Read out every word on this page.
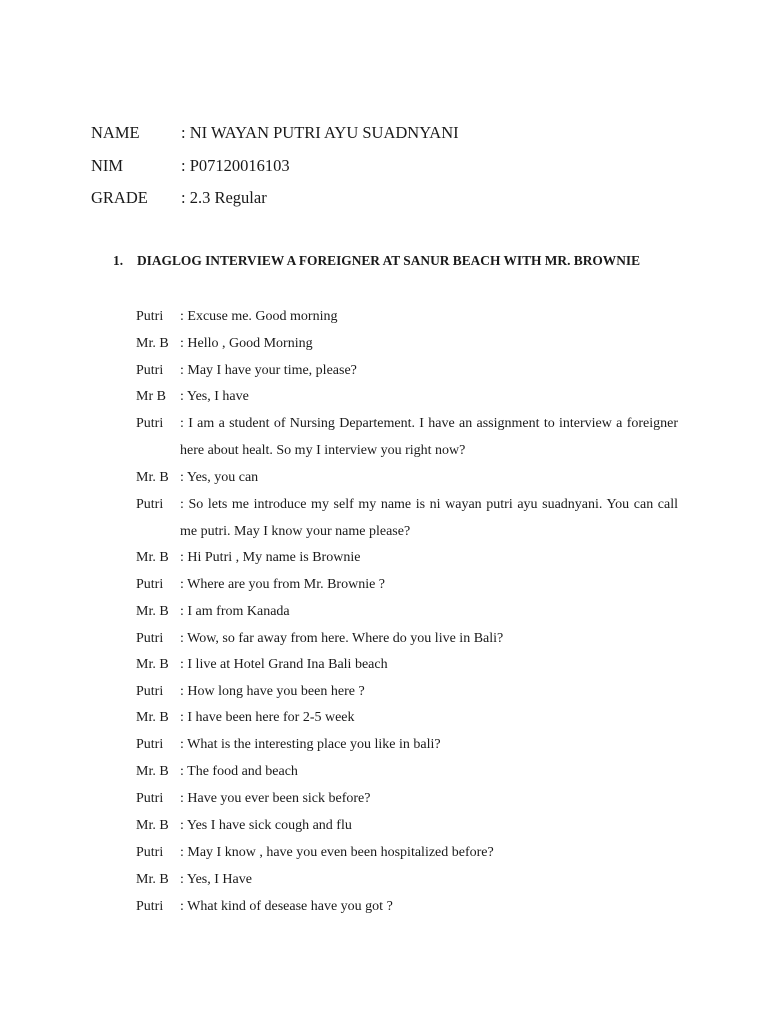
NAME	: NI WAYAN PUTRI AYU SUADNYANI
NIM	: P07120016103
GRADE : 2.3 Regular
1. DIAGLOG INTERVIEW A FOREIGNER AT SANUR BEACH WITH MR. BROWNIE
Putri : Excuse me. Good morning
Mr. B : Hello , Good Morning
Putri : May I have your time, please?
Mr B : Yes, I have
Putri : I am a student of Nursing Departement. I have an assignment to interview a foreigner here about healt. So my I interview you right now?
Mr. B : Yes, you can
Putri : So lets me introduce my self my name is ni wayan putri ayu suadnyani. You can call me putri. May I know your name please?
Mr. B : Hi Putri , My name is Brownie
Putri : Where are you from Mr. Brownie ?
Mr. B : I am from Kanada
Putri : Wow, so far away from here. Where do you live in Bali?
Mr. B : I live at Hotel Grand Ina Bali beach
Putri : How long have you been here ?
Mr. B : I have been here for 2-5 week
Putri : What is the interesting place you like in bali?
Mr. B : The food and beach
Putri : Have you ever been sick before?
Mr. B : Yes I have sick cough and flu
Putri : May I know , have you even been hospitalized before?
Mr. B : Yes, I Have
Putri : What kind of desease have you got ?
